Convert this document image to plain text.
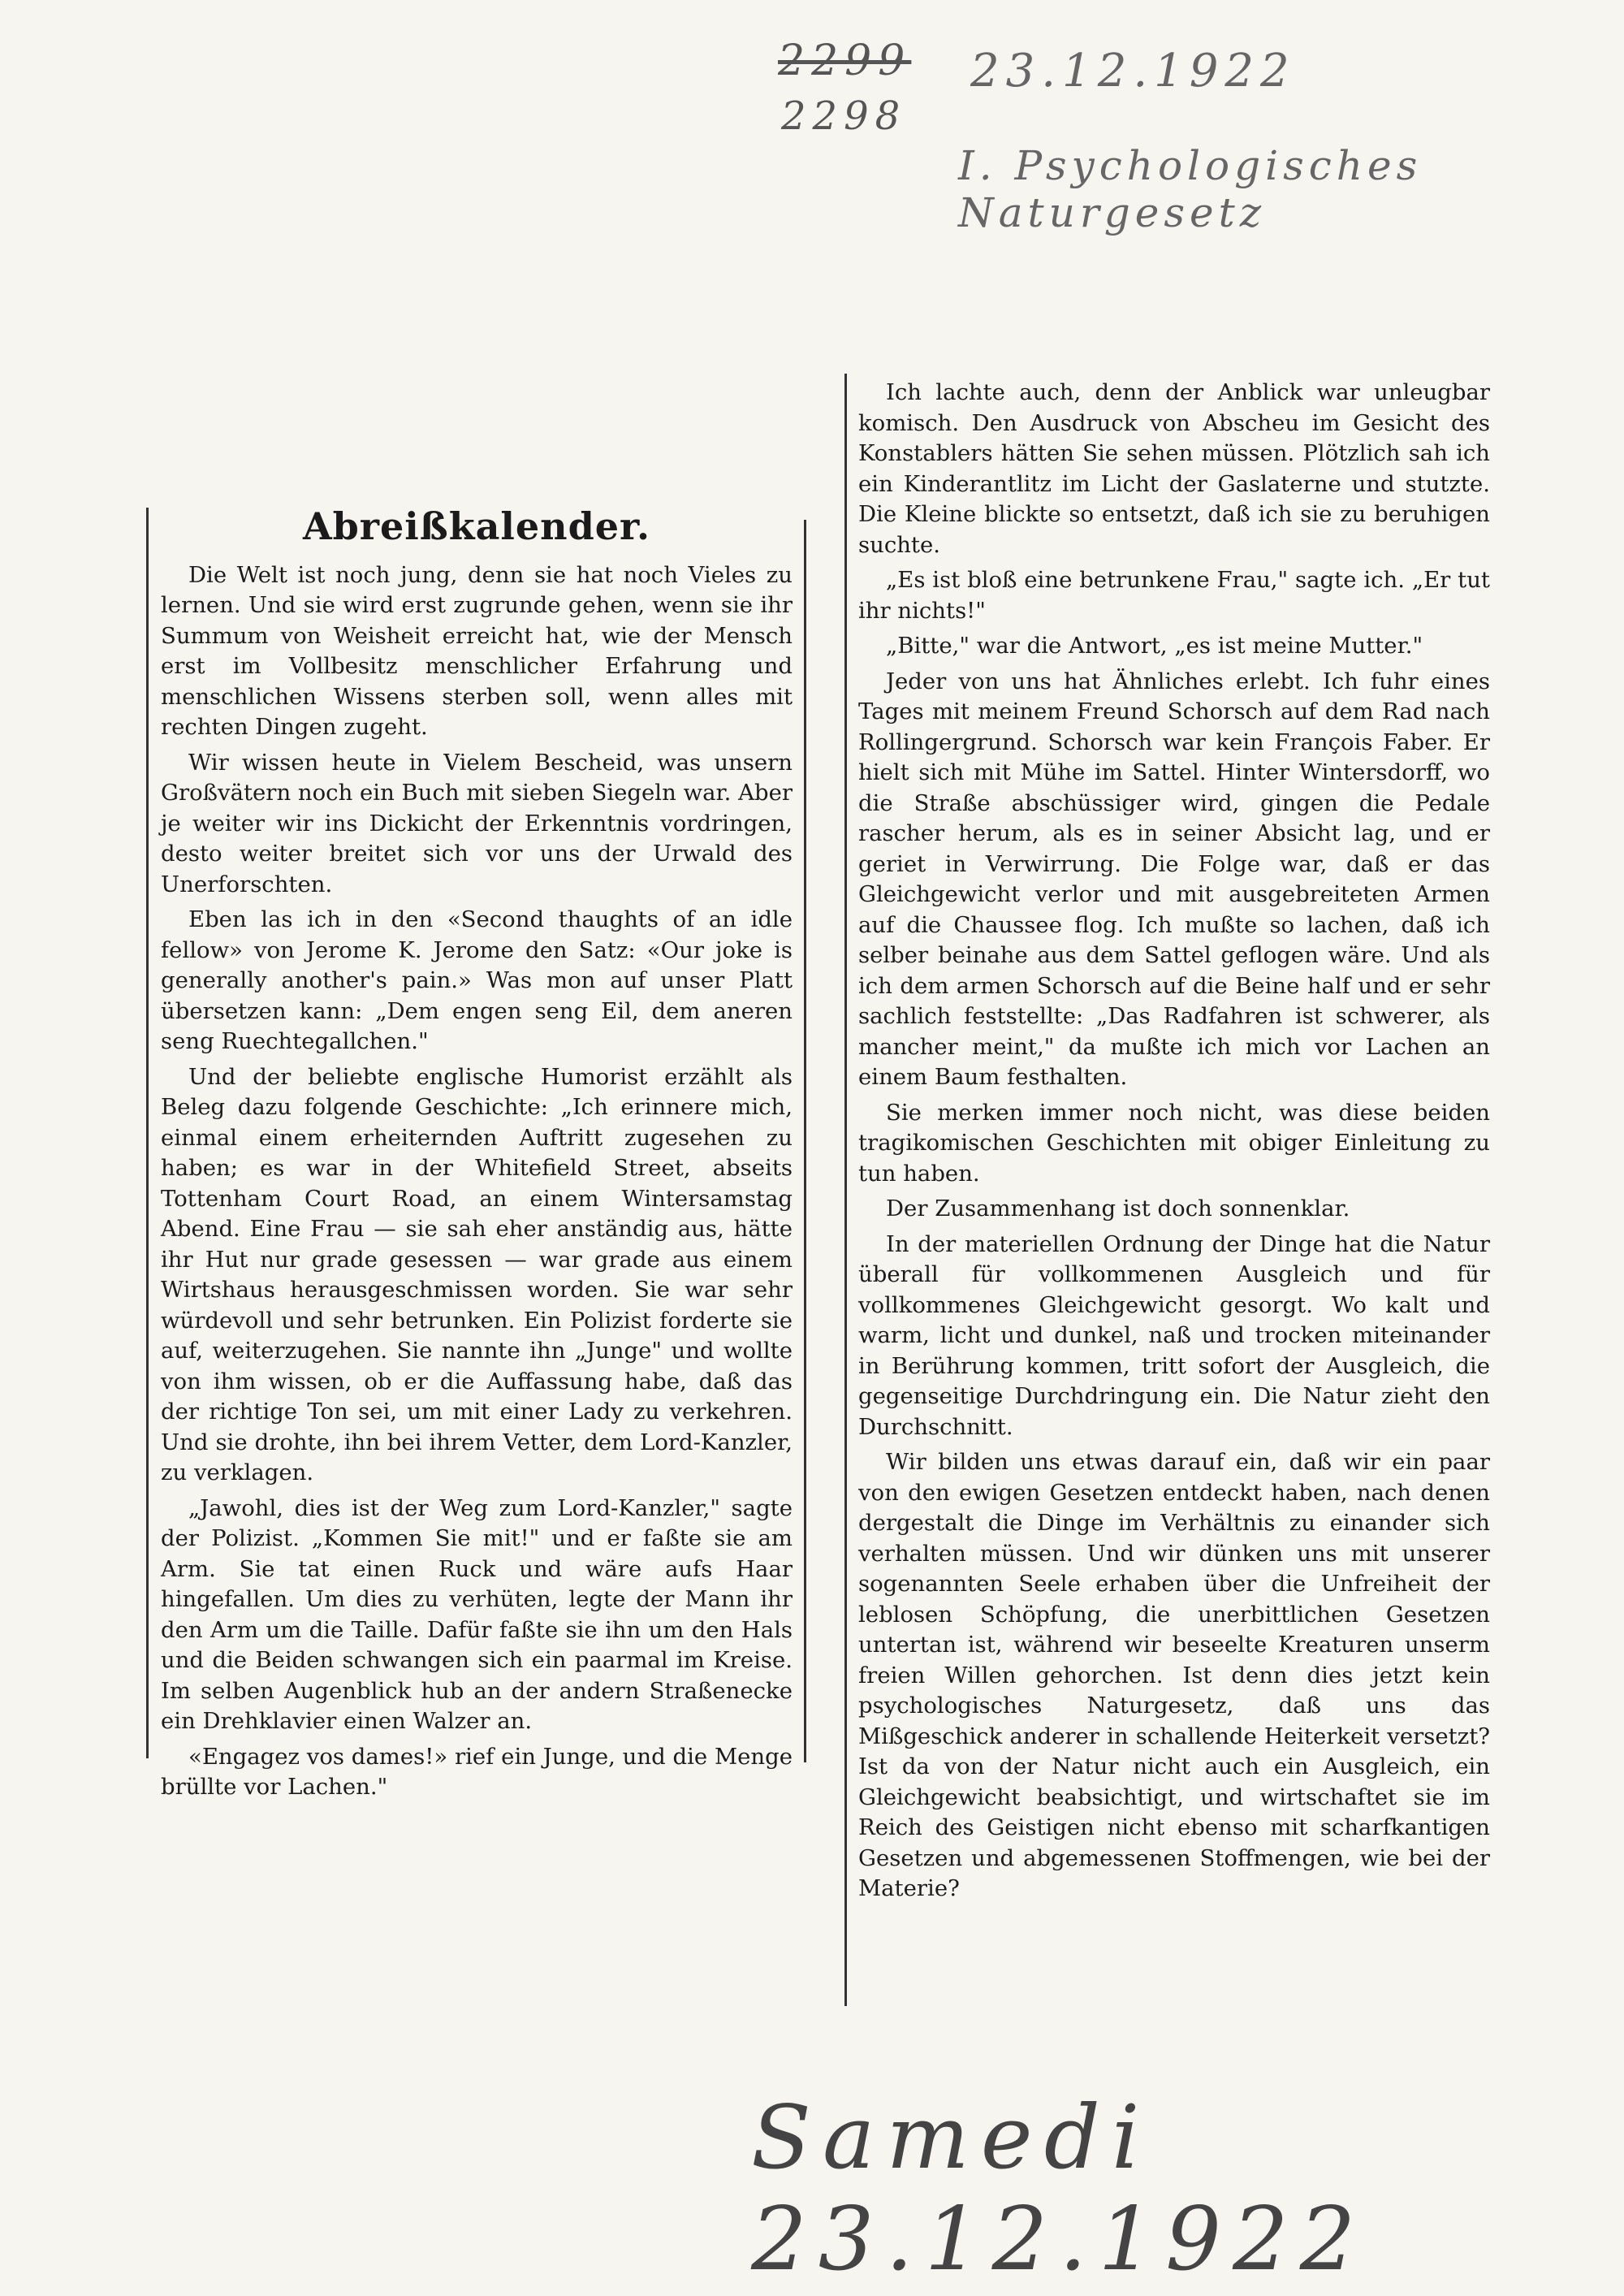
2299
2298
23.12.1922
I. Psychologisches Naturgesetz
Abreißkalender.

Die Welt ist noch jung, denn sie hat noch Vieles zu lernen. Und sie wird erst zugrunde gehen, wenn sie ihr Summum von Weisheit erreicht hat, wie der Mensch erst im Vollbesitz menschlicher Erfahrung und menschlichen Wissens sterben soll, wenn alles mit rechten Dingen zugeht.

Wir wissen heute in Vielem Bescheid, was unsern Großvätern noch ein Buch mit sieben Siegeln war. Aber je weiter wir ins Dickicht der Erkenntnis vordringen, desto weiter breitet sich vor uns der Urwald des Unerforschten.

Eben las ich in den «Second thaughts of an idle fellow» von Jerome K. Jerome den Satz: «Our joke is generally another's pain.» Was mon auf unser Platt übersetzen kann: „Dem engen seng Eil, dem aneren seng Ruechtegallchen."

Und der beliebte englische Humorist erzählt als Beleg dazu folgende Geschichte: „Ich erinnere mich, einmal einem erheiternden Auftritt zugesehen zu haben; es war in der Whitefield Street, abseits Tottenham Court Road, an einem Wintersamstag Abend. Eine Frau — sie sah eher anständig aus, hätte ihr Hut nur grade gesessen — war grade aus einem Wirtshaus herausgeschmissen worden. Sie war sehr würdevoll und sehr betrunken. Ein Polizist forderte sie auf, weiterzugehen. Sie nannte ihn „Junge" und wollte von ihm wissen, ob er die Auffassung habe, daß das der richtige Ton sei, um mit einer Lady zu verkehren. Und sie drohte, ihn bei ihrem Vetter, dem Lord-Kanzler, zu verklagen.

„Jawohl, dies ist der Weg zum Lord-Kanzler," sagte der Polizist. „Kommen Sie mit!" und er faßte sie am Arm. Sie tat einen Ruck und wäre aufs Haar hingefallen. Um dies zu verhüten, legte der Mann ihr den Arm um die Taille. Dafür faßte sie ihn um den Hals und die Beiden schwangen sich ein paarmal im Kreise. Im selben Augenblick hub an der andern Straßenecke ein Drehklavier einen Walzer an.

«Engagez vos dames!» rief ein Junge, und die Menge brüllte vor Lachen."

Ich lachte auch, denn der Anblick war unleugbar komisch. Den Ausdruck von Abscheu im Gesicht des Konstablers hätten Sie sehen müssen. Plötzlich sah ich ein Kinderantlitz im Licht der Gaslaterne und stutzte. Die Kleine blickte so entsetzt, daß ich sie zu beruhigen suchte.

„Es ist bloß eine betrunkene Frau," sagte ich. „Er tut ihr nichts!"

„Bitte," war die Antwort, „es ist meine Mutter."

Jeder von uns hat Ähnliches erlebt. Ich fuhr eines Tages mit meinem Freund Schorsch auf dem Rad nach Rollingergrund. Schorsch war kein François Faber. Er hielt sich mit Mühe im Sattel. Hinter Wintersdorff, wo die Straße abschüssiger wird, gingen die Pedale rascher herum, als es in seiner Absicht lag, und er geriet in Verwirrung. Die Folge war, daß er das Gleichgewicht verlor und mit ausgebreiteten Armen auf die Chaussee flog. Ich mußte so lachen, daß ich selber beinahe aus dem Sattel geflogen wäre. Und als ich dem armen Schorsch auf die Beine half und er sehr sachlich feststellte: „Das Radfahren ist schwerer, als mancher meint," da mußte ich mich vor Lachen an einem Baum festhalten.

Sie merken immer noch nicht, was diese beiden tragikomischen Geschichten mit obiger Einleitung zu tun haben.

Der Zusammenhang ist doch sonnenklar.

In der materiellen Ordnung der Dinge hat die Natur überall für vollkommenen Ausgleich und für vollkommenes Gleichgewicht gesorgt. Wo kalt und warm, licht und dunkel, naß und trocken miteinander in Berührung kommen, tritt sofort der Ausgleich, die gegenseitige Durchdringung ein. Die Natur zieht den Durchschnitt.

Wir bilden uns etwas darauf ein, daß wir ein paar von den ewigen Gesetzen entdeckt haben, nach denen dergestalt die Dinge im Verhältnis zu einander sich verhalten müssen. Und wir dünken uns mit unserer sogenannten Seele erhaben über die Unfreiheit der leblosen Schöpfung, die unerbittlichen Gesetzen untertan ist, während wir beseelte Kreaturen unserm freien Willen gehorchen. Ist denn dies jetzt kein psychologisches Naturgesetz, daß uns das Mißgeschick anderer in schallende Heiterkeit versetzt? Ist da von der Natur nicht auch ein Ausgleich, ein Gleichgewicht beabsichtigt, und wirtschaftet sie im Reich des Geistigen nicht ebenso mit scharfkantigen Gesetzen und abgemessenen Stoffmengen, wie bei der Materie?

Samedi 23.12.1922
